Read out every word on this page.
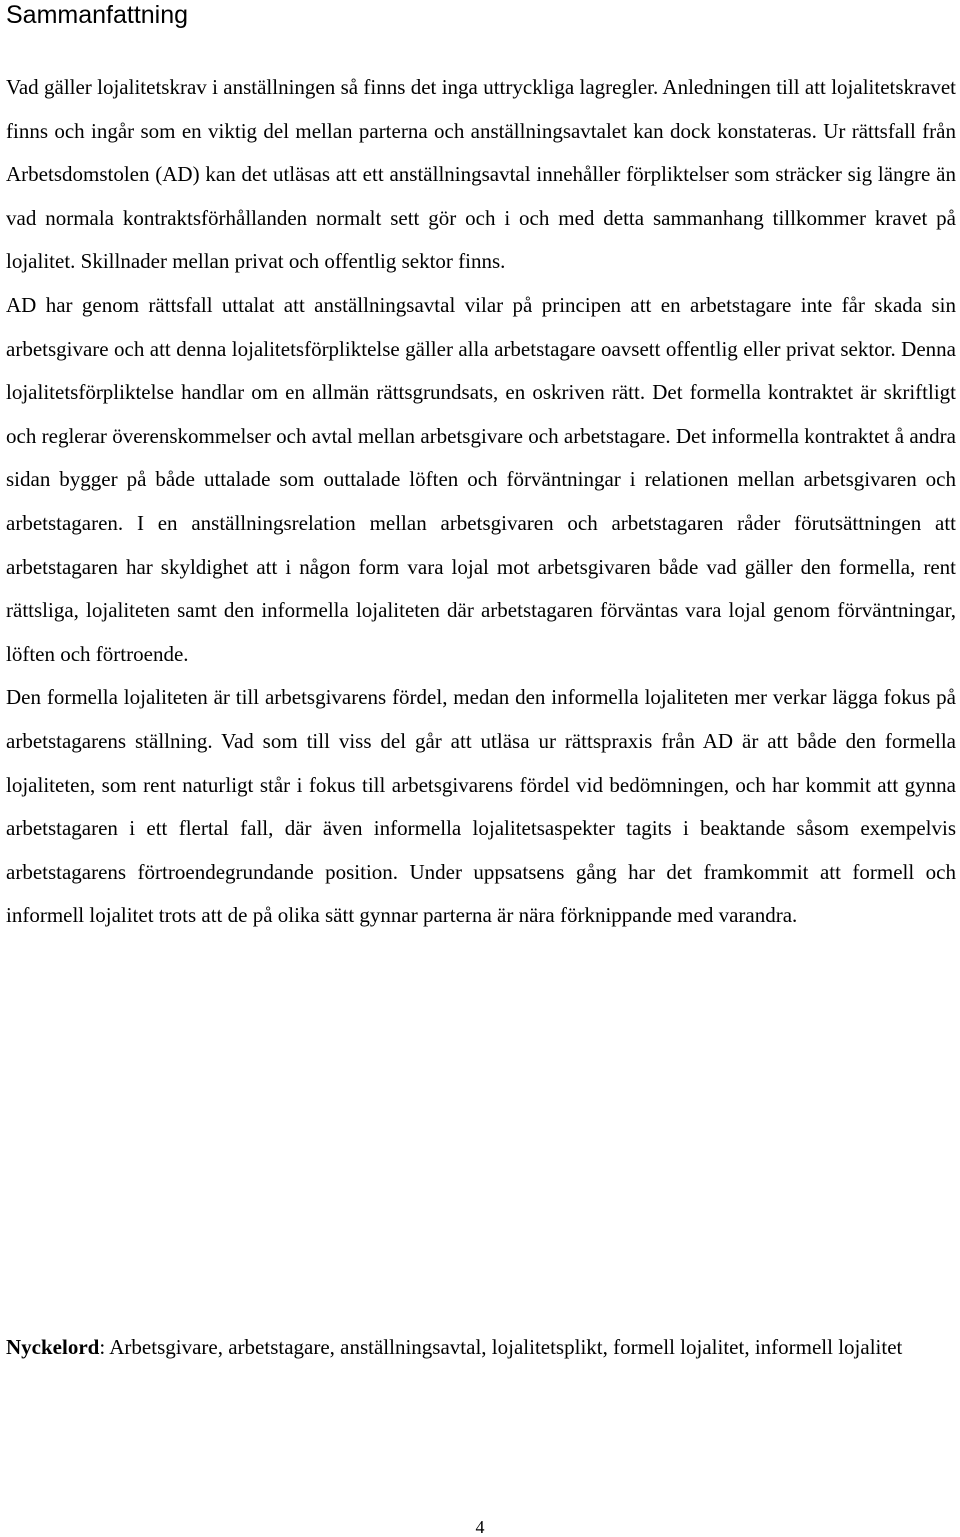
Sammanfattning

Vad gäller lojalitetskrav i anställningen så finns det inga uttryckliga lagregler. Anledningen till att lojalitetskravet finns och ingår som en viktig del mellan parterna och anställningsavtalet kan dock konstateras. Ur rättsfall från Arbetsdomstolen (AD) kan det utläsas att ett anställningsavtal innehåller förpliktelser som sträcker sig längre än vad normala kontraktsförhållanden normalt sett gör och i och med detta sammanhang tillkommer kravet på lojalitet. Skillnader mellan privat och offentlig sektor finns.

AD har genom rättsfall uttalat att anställningsavtal vilar på principen att en arbetstagare inte får skada sin arbetsgivare och att denna lojalitetsförpliktelse gäller alla arbetstagare oavsett offentlig eller privat sektor. Denna lojalitetsförpliktelse handlar om en allmän rättsgrundsats, en oskriven rätt. Det formella kontraktet är skriftligt och reglerar överenskommelser och avtal mellan arbetsgivare och arbetstagare. Det informella kontraktet å andra sidan bygger på både uttalade som outtalade löften och förväntningar i relationen mellan arbetsgivaren och arbetstagaren. I en anställningsrelation mellan arbetsgivaren och arbetstagaren råder förutsättningen att arbetstagaren har skyldighet att i någon form vara lojal mot arbetsgivaren både vad gäller den formella, rent rättsliga, lojaliteten samt den informella lojaliteten där arbetstagaren förväntas vara lojal genom förväntningar, löften och förtroende.

Den formella lojaliteten är till arbetsgivarens fördel, medan den informella lojaliteten mer verkar lägga fokus på arbetstagarens ställning. Vad som till viss del går att utläsa ur rättspraxis från AD är att både den formella lojaliteten, som rent naturligt står i fokus till arbetsgivarens fördel vid bedömningen, och har kommit att gynna arbetstagaren i ett flertal fall, där även informella lojalitetsaspekter tagits i beaktande såsom exempelvis arbetstagarens förtroendegrundande position. Under uppsatsens gång har det framkommit att formell och informell lojalitet trots att de på olika sätt gynnar parterna är nära förknippande med varandra.

Nyckelord: Arbetsgivare, arbetstagare, anställningsavtal, lojalitetsplikt, formell lojalitet, informell lojalitet

4
